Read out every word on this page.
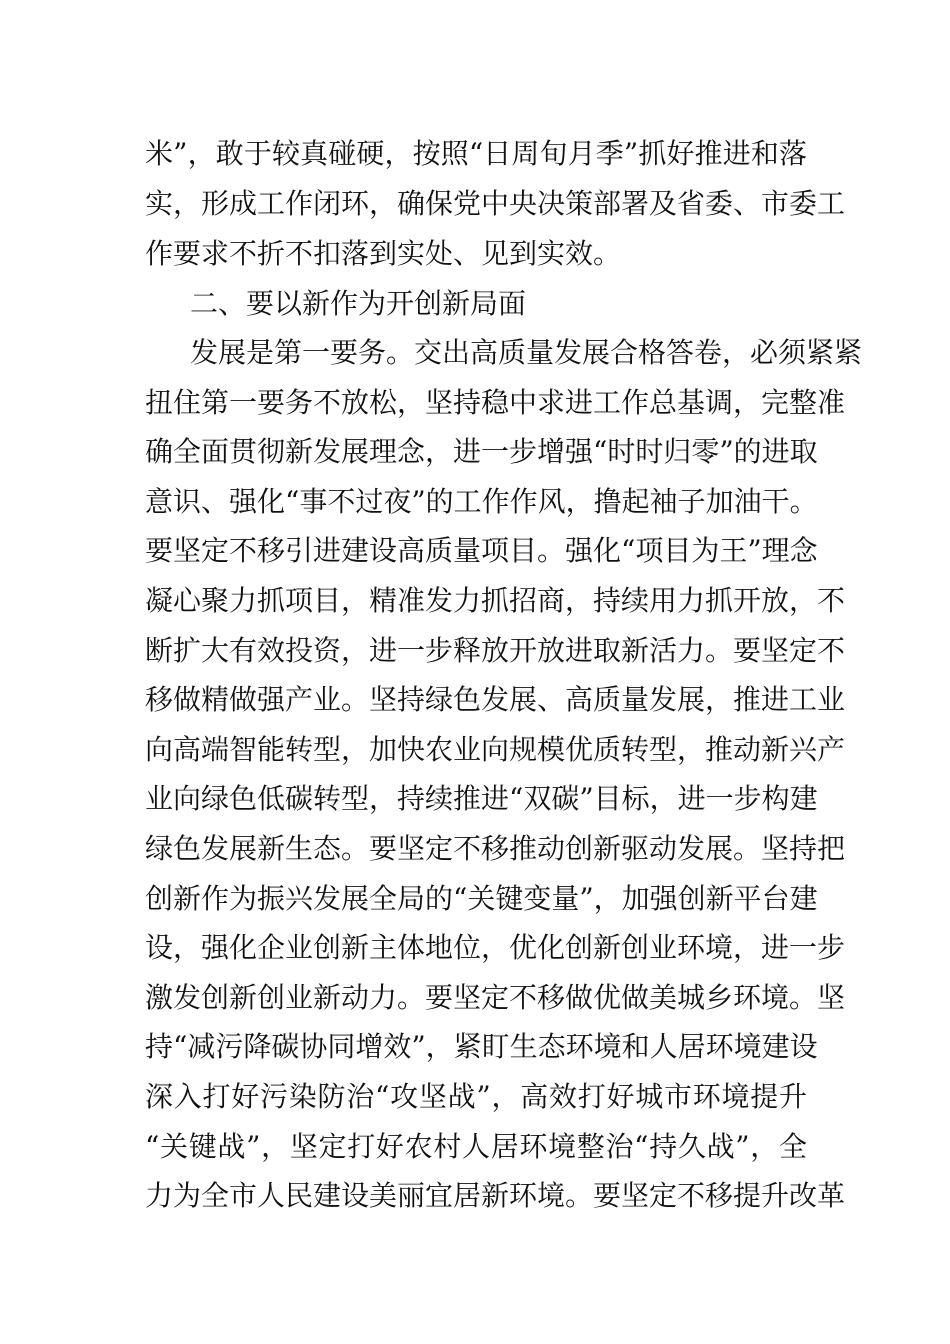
米”，敢于较真碰硬，按照“日周旬月季”抓好推进和落
实，形成工作闭环，确保党中央决策部署及省委、市委工
作要求不折不扣落到实处、见到实效。
二、要以新作为开创新局面
发展是第一要务。交出高质量发展合格答卷，必须紧紧
扭住第一要务不放松，坚持稳中求进工作总基调，完整准
确全面贯彻新发展理念，进一步增强“时时归零”的进取
意识、强化“事不过夜”的工作作风，撸起袖子加油干。
要坚定不移引进建设高质量项目。强化“项目为王”理念
凝心聚力抓项目，精准发力抓招商，持续用力抓开放，不
断扩大有效投资，进一步释放开放进取新活力。要坚定不
移做精做强产业。坚持绿色发展、高质量发展，推进工业
向高端智能转型，加快农业向规模优质转型，推动新兴产
业向绿色低碳转型，持续推进“双碳”目标，进一步构建
绿色发展新生态。要坚定不移推动创新驱动发展。坚持把
创新作为振兴发展全局的“关键变量”，加强创新平台建
设，强化企业创新主体地位，优化创新创业环境，进一步
激发创新创业新动力。要坚定不移做优做美城乡环境。坚
持“减污降碳协同增效”，紧盯生态环境和人居环境建设
深入打好污染防治“攻坚战”，高效打好城市环境提升
“关键战”，坚定打好农村人居环境整治“持久战”，全
力为全市人民建设美丽宜居新环境。要坚定不移提升改革
